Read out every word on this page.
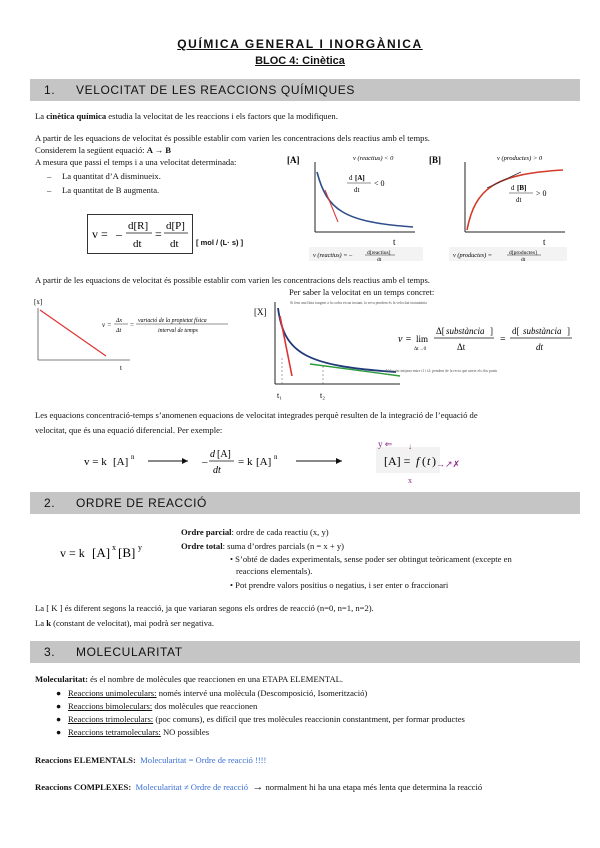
QUÍMICA GENERAL I INORGÀNICA
BLOC 4: Cinètica
1. VELOCITAT DE LES REACCIONS QUÍMIQUES
La cinètica química estudia la velocitat de les reaccions i els factors que la modifiquen.
A partir de les equacions de velocitat és possible establir com varien les concentracions dels reactius amb el temps.
Considerem la següent equació: A → B
A mesura que passi el temps i a una velocitat determinada:
–     La quantitat d’A disminueix.
–     La quantitat de B augmenta.
v = –
d[R]
dt
=
d[P]
dt [ mol / (L· s) ]
[A]	v (reactius) < 0
d [A]
dt
< 0
t
v (reactius) = –	d[reactius]
dt
[B]	v (productes) > 0
d [B]
dt
> 0
t
v (productes) =	d[productes]
dt
A partir de les equacions de velocitat és possible establir com varien les concentracions dels reactius amb el temps.
Per saber la velocitat en un temps concret:
[x]
t
v = Δx
Δt
= variació de la propietat física
interval de temps
[X]
t₁	t₂
Si fem una línia tangent a la corba en un instant, la seva pendent és la velocitat instantània
Velocitat mitjana entre t1 i t2: pendent de la recta que uneix els dos punts
v = lim
Δt→0
Δ[ substància ]
Δt
=
d[ substància ]
dt
Les equacions concentració-temps s’anomenen equacions de velocitat integrades perquè resulten de la integració de l’equació de
velocitat, que és una equació diferencial. Per exemple:
v = k [A] n	–
d [A]
dt
= k [A] n	[A] = f ( t ) →↗✗
y ⇐ ↓
x
2. ORDRE DE REACCIÓ
v = k [A] x [B] y
Ordre parcial: ordre de cada reactiu (x, y)
Ordre total: suma d’ordres parcials (n = x + y)
• S’obté de dades experimentals, sense poder ser obtingut teòricament (excepte en
reaccions elementals).
• Pot prendre valors positius o negatius, i ser enter o fraccionari
La [ K ] és diferent segons la reacció, ja que variaran segons els ordres de reacció (n=0, n=1, n=2).
La k (constant de velocitat), mai podrà ser negativa.
3. MOLECULARITAT
Molecularitat: és el nombre de molècules que reaccionen en una ETAPA ELEMENTAL.
● Reaccions unimoleculars: només intervé una molècula (Descomposició, Isomerització)
● Reaccions bimoleculars: dos molècules que reaccionen
● Reaccions trimoleculars: (poc comuns), es difícil que tres molècules reaccionin constantment, per formar productes
● Reaccions tetramoleculars: NO possibles
Reaccions ELEMENTALS: Molecularitat = Ordre de reacció !!!!
Reaccions COMPLEXES: Molecularitat ≠ Ordre de reacció → normalment hi ha una etapa més lenta que determina la reacció
